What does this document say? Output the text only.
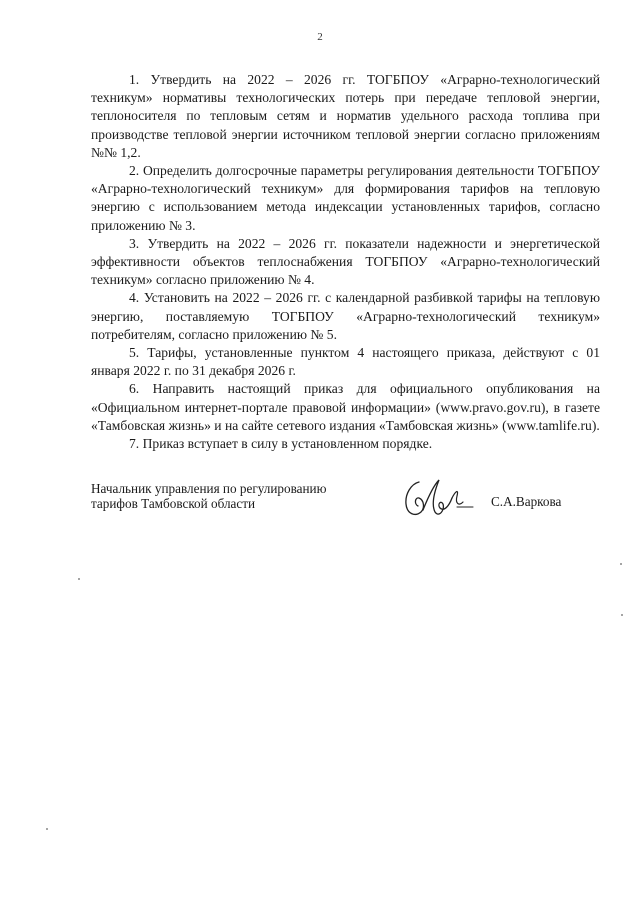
2

1. Утвердить на 2022 – 2026 гг. ТОГБПОУ «Аграрно-технологический техникум» нормативы технологических потерь при передаче тепловой энергии, теплоносителя по тепловым сетям и норматив удельного расхода топлива при производстве тепловой энергии источником тепловой энергии согласно приложениям №№ 1,2.

2. Определить долгосрочные параметры регулирования деятельности ТОГБПОУ «Аграрно-технологический техникум» для формирования тарифов на тепловую энергию с использованием метода индексации установленных тарифов, согласно приложению № 3.

3. Утвердить на 2022 – 2026 гг. показатели надежности и энергетической эффективности объектов теплоснабжения ТОГБПОУ «Аграрно-технологический техникум» согласно приложению № 4.

4. Установить на 2022 – 2026 гг. с календарной разбивкой тарифы на тепловую энергию, поставляемую ТОГБПОУ «Аграрно-технологический техникум» потребителям, согласно приложению № 5.

5. Тарифы, установленные пунктом 4 настоящего приказа, действуют с 01 января 2022 г. по 31 декабря 2026 г.

6. Направить настоящий приказ для официального опубликования на «Официальном интернет-портале правовой информации» (www.pravo.gov.ru), в газете «Тамбовская жизнь» и на сайте сетевого издания «Тамбовская жизнь» (www.tamlife.ru).

7. Приказ вступает в силу в установленном порядке.

Начальник управления по регулированию
тарифов Тамбовской области	С.А.Варкова
